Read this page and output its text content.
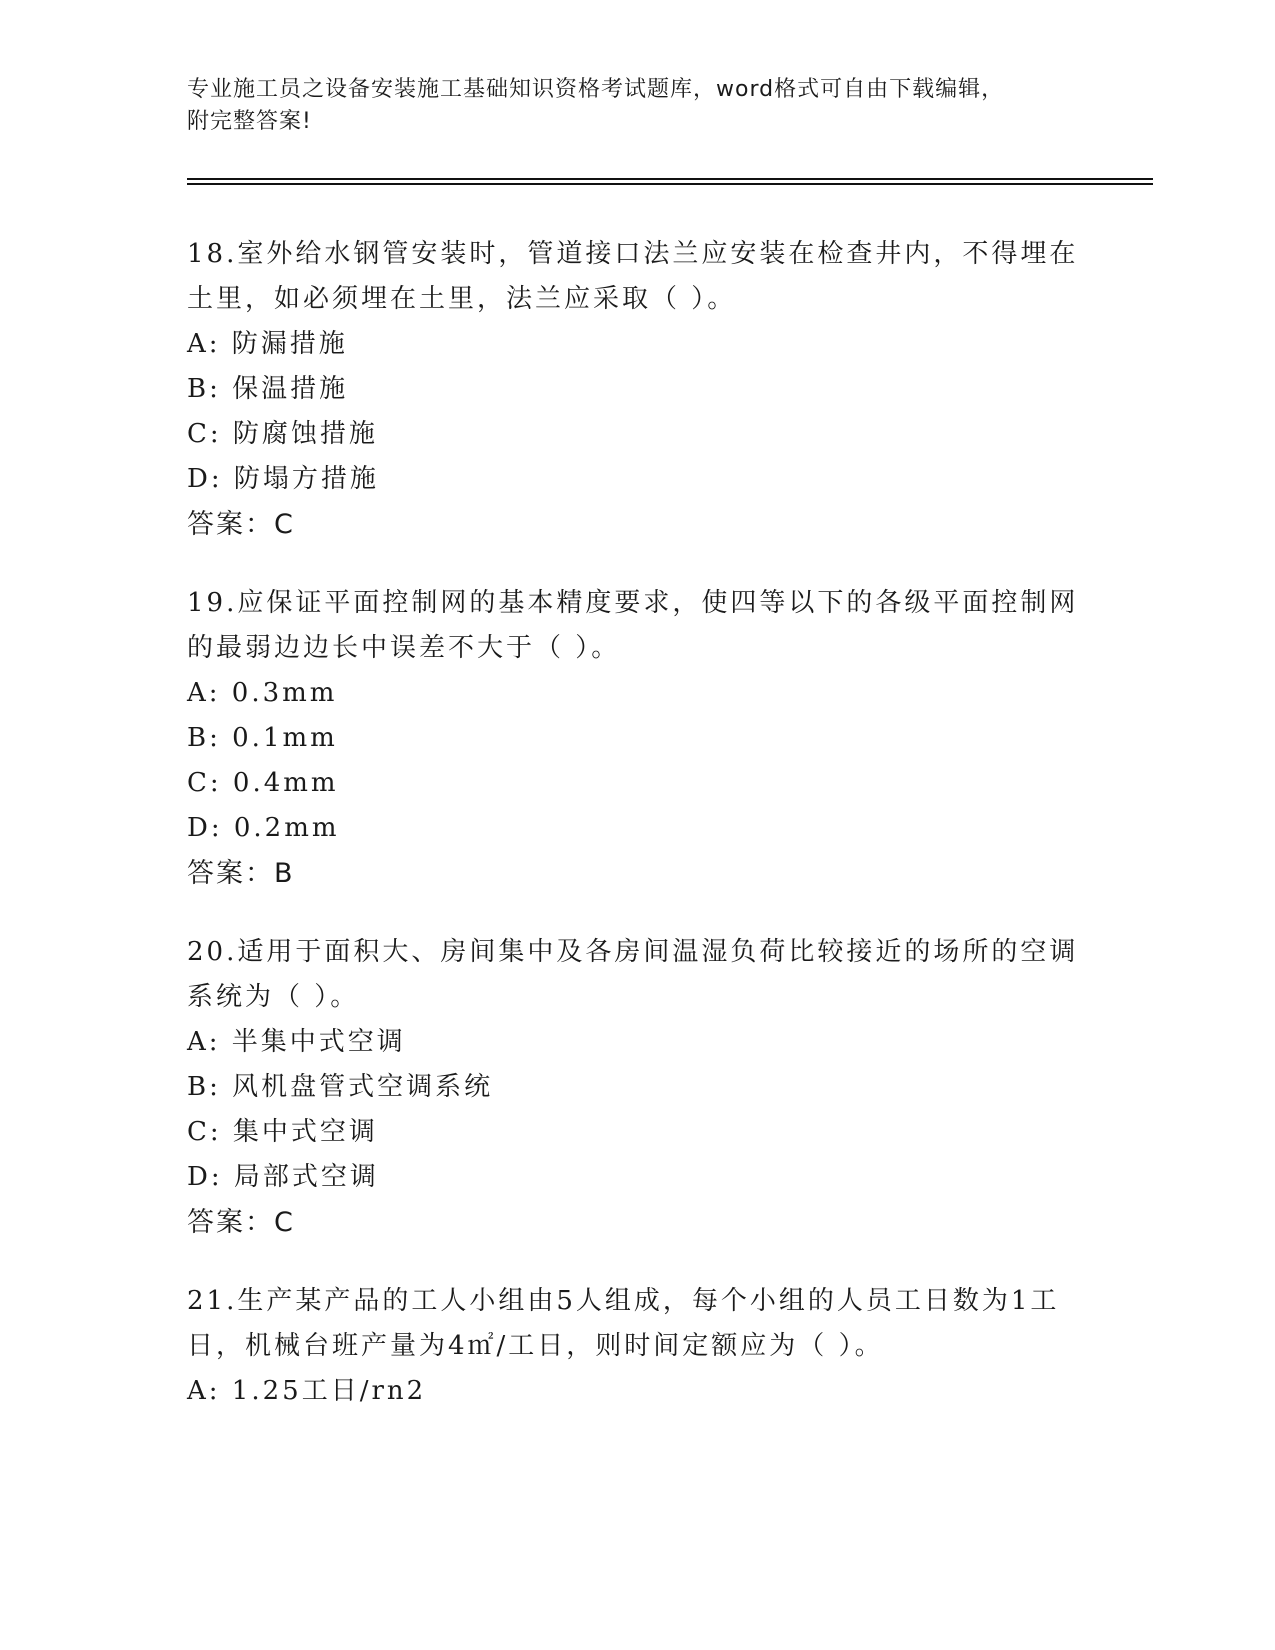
专业施工员之设备安装施工基础知识资格考试题库，word格式可自由下载编辑，
附完整答案!

18.室外给水钢管安装时，管道接口法兰应安装在检查井内，不得埋在土里，如必须埋在土里，法兰应采取（ ）。

A: 防漏措施

B: 保温措施

C: 防腐蚀措施

D: 防塌方措施

答案：C

19.应保证平面控制网的基本精度要求，使四等以下的各级平面控制网的最弱边边长中误差不大于（ ）。

A: 0.3mm

B: 0.1mm

C: 0.4mm

D: 0.2mm

答案：B

20.适用于面积大、房间集中及各房间温湿负荷比较接近的场所的空调系统为（ ）。

A: 半集中式空调

B: 风机盘管式空调系统

C: 集中式空调

D: 局部式空调

答案：C

21.生产某产品的工人小组由5人组成，每个小组的人员工日数为1工日，机械台班产量为4㎡/工日，则时间定额应为（ ）。

A: 1.25工日/rn2
